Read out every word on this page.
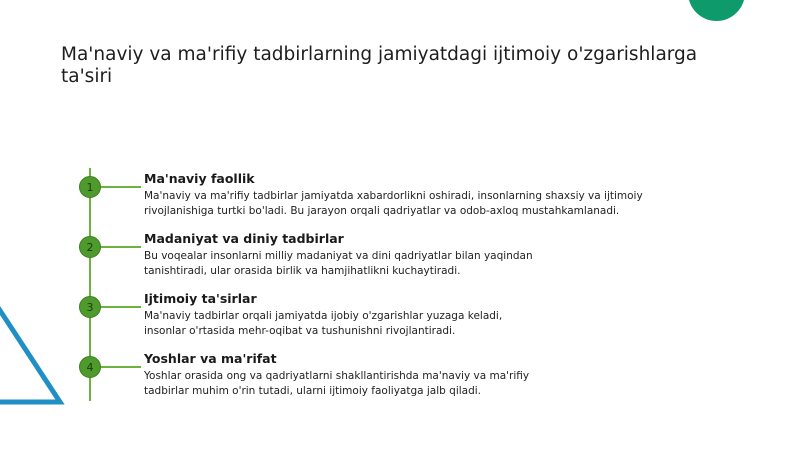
Ma'naviy va ma'rifiy tadbirlarning jamiyatdagi ijtimoiy o'zgarishlarga ta'siri
1
Ma'naviy faollik
Ma'naviy va ma'rifiy tadbirlar jamiyatda xabardorlikni oshiradi, insonlarning shaxsiy va ijtimoiy rivojlanishiga turtki bo'ladi. Bu jarayon orqali qadriyatlar va odob-axloq mustahkamlanadi.
2
Madaniyat va diniy tadbirlar
Bu voqealar insonlarni milliy madaniyat va dini qadriyatlar bilan yaqindan tanishtiradi, ular orasida birlik va hamjihatlikni kuchaytiradi.
3
Ijtimoiy ta'sirlar
Ma'naviy tadbirlar orqali jamiyatda ijobiy o'zgarishlar yuzaga keladi, insonlar o'rtasida mehr-oqibat va tushunishni rivojlantiradi.
4
Yoshlar va ma'rifat
Yoshlar orasida ong va qadriyatlarni shakllantirishda ma'naviy va ma'rifiy tadbirlar muhim o'rin tutadi, ularni ijtimoiy faoliyatga jalb qiladi.
